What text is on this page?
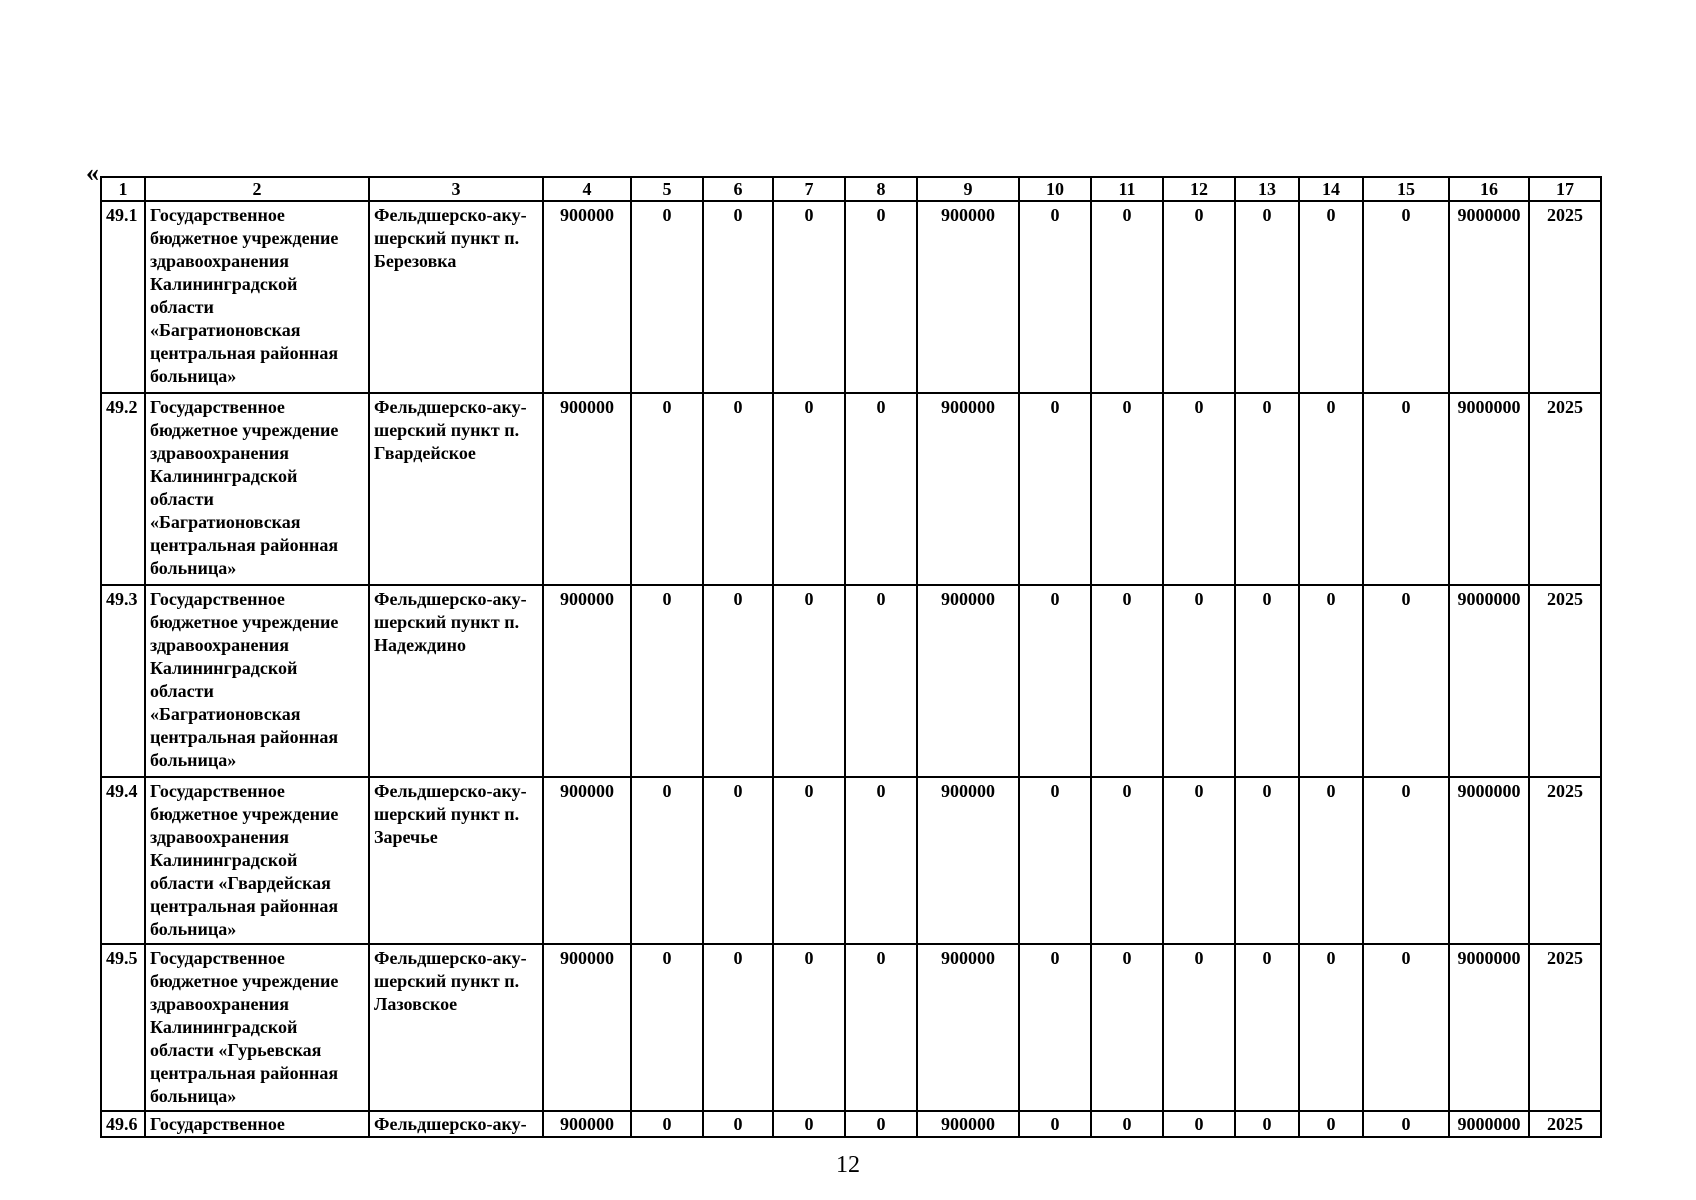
«
1	2	3	4	5	6	7	8	9	10	11	12	13	14	15	16	17
49.1	Государственное бюджетное учреждение здравоохранения Калининградской области «Багратионовская центральная районная больница»	Фельдшерско-аку-шерский пункт п. Березовка	900000	0	0	0	0	900000	0	0	0	0	0	0	9000000	2025
49.2	Государственное бюджетное учреждение здравоохранения Калининградской области «Багратионовская центральная районная больница»	Фельдшерско-аку-шерский пункт п. Гвардейское	900000	0	0	0	0	900000	0	0	0	0	0	0	9000000	2025
49.3	Государственное бюджетное учреждение здравоохранения Калининградской области «Багратионовская центральная районная больница»	Фельдшерско-аку-шерский пункт п. Надеждино	900000	0	0	0	0	900000	0	0	0	0	0	0	9000000	2025
49.4	Государственное бюджетное учреждение здравоохранения Калининградской области «Гвардейская центральная районная больница»	Фельдшерско-аку-шерский пункт п. Заречье	900000	0	0	0	0	900000	0	0	0	0	0	0	9000000	2025
49.5	Государственное бюджетное учреждение здравоохранения Калининградской области «Гурьевская центральная районная больница»	Фельдшерско-аку-шерский пункт п. Лазовское	900000	0	0	0	0	900000	0	0	0	0	0	0	9000000	2025
49.6	Государственное	Фельдшерско-аку-	900000	0	0	0	0	900000	0	0	0	0	0	0	9000000	2025
12
